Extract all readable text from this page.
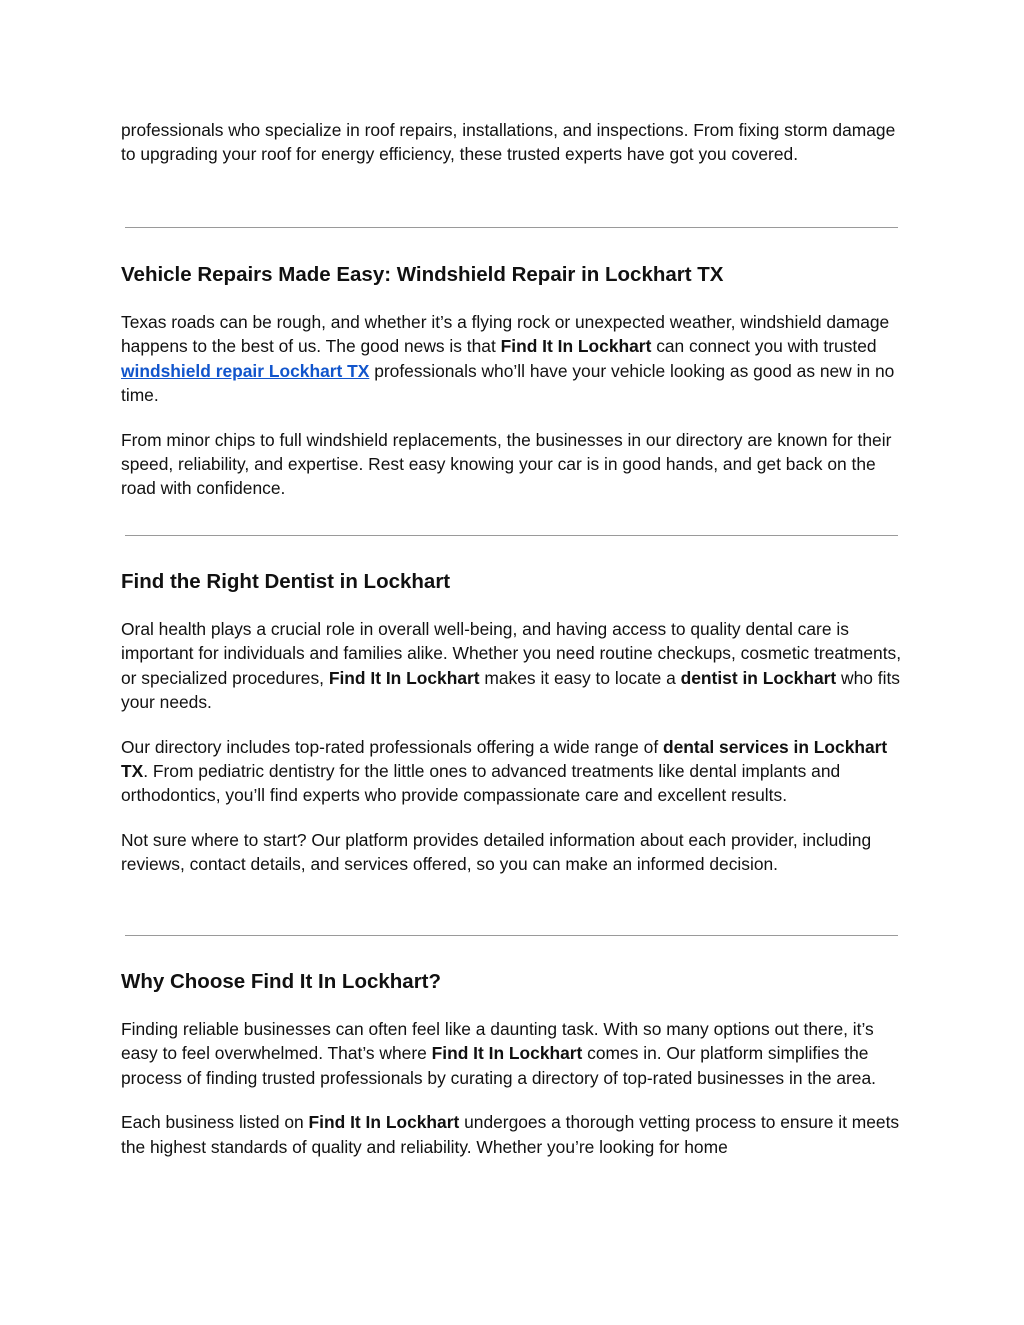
professionals who specialize in roof repairs, installations, and inspections. From fixing storm damage to upgrading your roof for energy efficiency, these trusted experts have got you covered.

Vehicle Repairs Made Easy: Windshield Repair in Lockhart TX

Texas roads can be rough, and whether it’s a flying rock or unexpected weather, windshield damage happens to the best of us. The good news is that Find It In Lockhart can connect you with trusted windshield repair Lockhart TX professionals who’ll have your vehicle looking as good as new in no time.

From minor chips to full windshield replacements, the businesses in our directory are known for their speed, reliability, and expertise. Rest easy knowing your car is in good hands, and get back on the road with confidence.

Find the Right Dentist in Lockhart

Oral health plays a crucial role in overall well-being, and having access to quality dental care is important for individuals and families alike. Whether you need routine checkups, cosmetic treatments, or specialized procedures, Find It In Lockhart makes it easy to locate a dentist in Lockhart who fits your needs.

Our directory includes top-rated professionals offering a wide range of dental services in Lockhart TX. From pediatric dentistry for the little ones to advanced treatments like dental implants and orthodontics, you’ll find experts who provide compassionate care and excellent results.

Not sure where to start? Our platform provides detailed information about each provider, including reviews, contact details, and services offered, so you can make an informed decision.

Why Choose Find It In Lockhart?

Finding reliable businesses can often feel like a daunting task. With so many options out there, it’s easy to feel overwhelmed. That’s where Find It In Lockhart comes in. Our platform simplifies the process of finding trusted professionals by curating a directory of top-rated businesses in the area.

Each business listed on Find It In Lockhart undergoes a thorough vetting process to ensure it meets the highest standards of quality and reliability. Whether you’re looking for home
